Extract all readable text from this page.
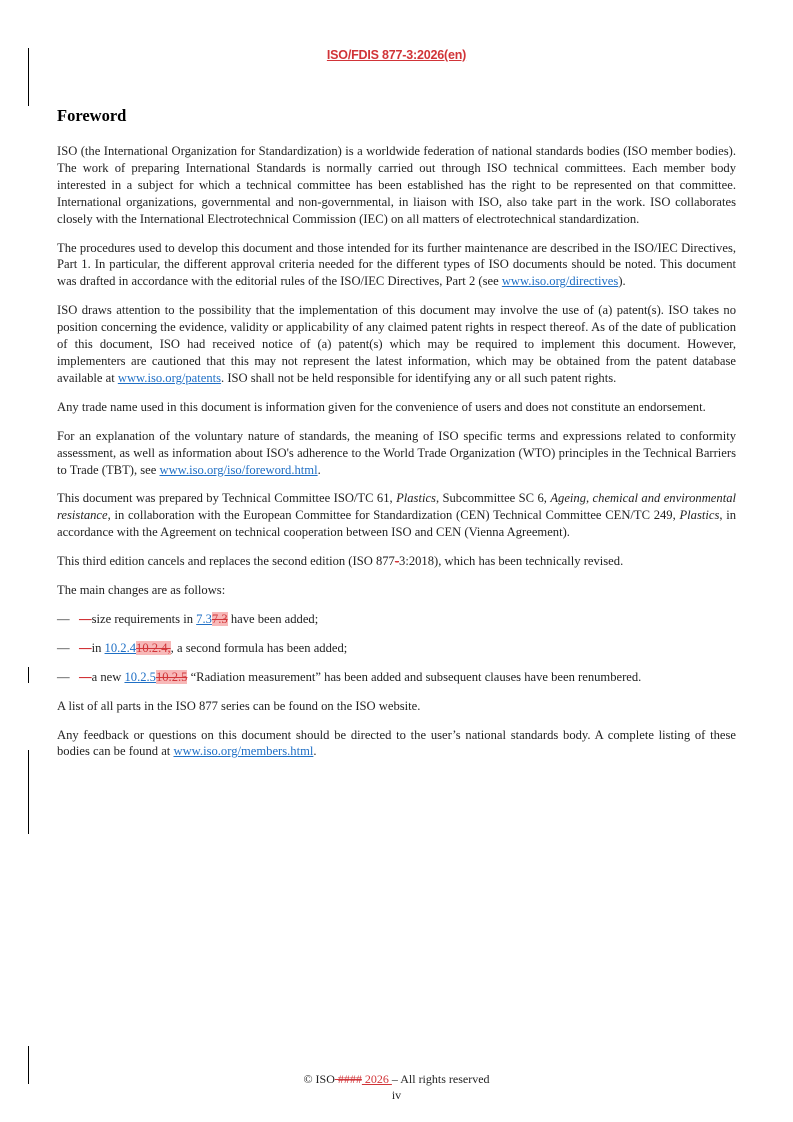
ISO/FDIS 877-3:2026(en)
Foreword

ISO (the International Organization for Standardization) is a worldwide federation of national standards bodies (ISO member bodies). The work of preparing International Standards is normally carried out through ISO technical committees. Each member body interested in a subject for which a technical committee has been established has the right to be represented on that committee. International organizations, governmental and non-governmental, in liaison with ISO, also take part in the work. ISO collaborates closely with the International Electrotechnical Commission (IEC) on all matters of electrotechnical standardization.

The procedures used to develop this document and those intended for its further maintenance are described in the ISO/IEC Directives, Part 1. In particular, the different approval criteria needed for the different types of ISO documents should be noted. This document was drafted in accordance with the editorial rules of the ISO/IEC Directives, Part 2 (see www.iso.org/directives).

ISO draws attention to the possibility that the implementation of this document may involve the use of (a) patent(s). ISO takes no position concerning the evidence, validity or applicability of any claimed patent rights in respect thereof. As of the date of publication of this document, ISO had received notice of (a) patent(s) which may be required to implement this document. However, implementers are cautioned that this may not represent the latest information, which may be obtained from the patent database available at www.iso.org/patents. ISO shall not be held responsible for identifying any or all such patent rights.

Any trade name used in this document is information given for the convenience of users and does not constitute an endorsement.

For an explanation of the voluntary nature of standards, the meaning of ISO specific terms and expressions related to conformity assessment, as well as information about ISO's adherence to the World Trade Organization (WTO) principles in the Technical Barriers to Trade (TBT), see www.iso.org/iso/foreword.html.

This document was prepared by Technical Committee ISO/TC 61, Plastics, Subcommittee SC 6, Ageing, chemical and environmental resistance, in collaboration with the European Committee for Standardization (CEN) Technical Committee CEN/TC 249, Plastics, in accordance with the Agreement on technical cooperation between ISO and CEN (Vienna Agreement).

This third edition cancels and replaces the second edition (ISO 877-3:2018), which has been technically revised.

The main changes are as follows:

— —size requirements in 7.37.3 have been added;
— —in 10.2.410.2.4,, a second formula has been added;
— —a new 10.2.510.2.5 “Radiation measurement” has been added and subsequent clauses have been renumbered.

A list of all parts in the ISO 877 series can be found on the ISO website.

Any feedback or questions on this document should be directed to the user’s national standards body. A complete listing of these bodies can be found at www.iso.org/members.html.

© ISO #### 2026 – All rights reserved
iv
